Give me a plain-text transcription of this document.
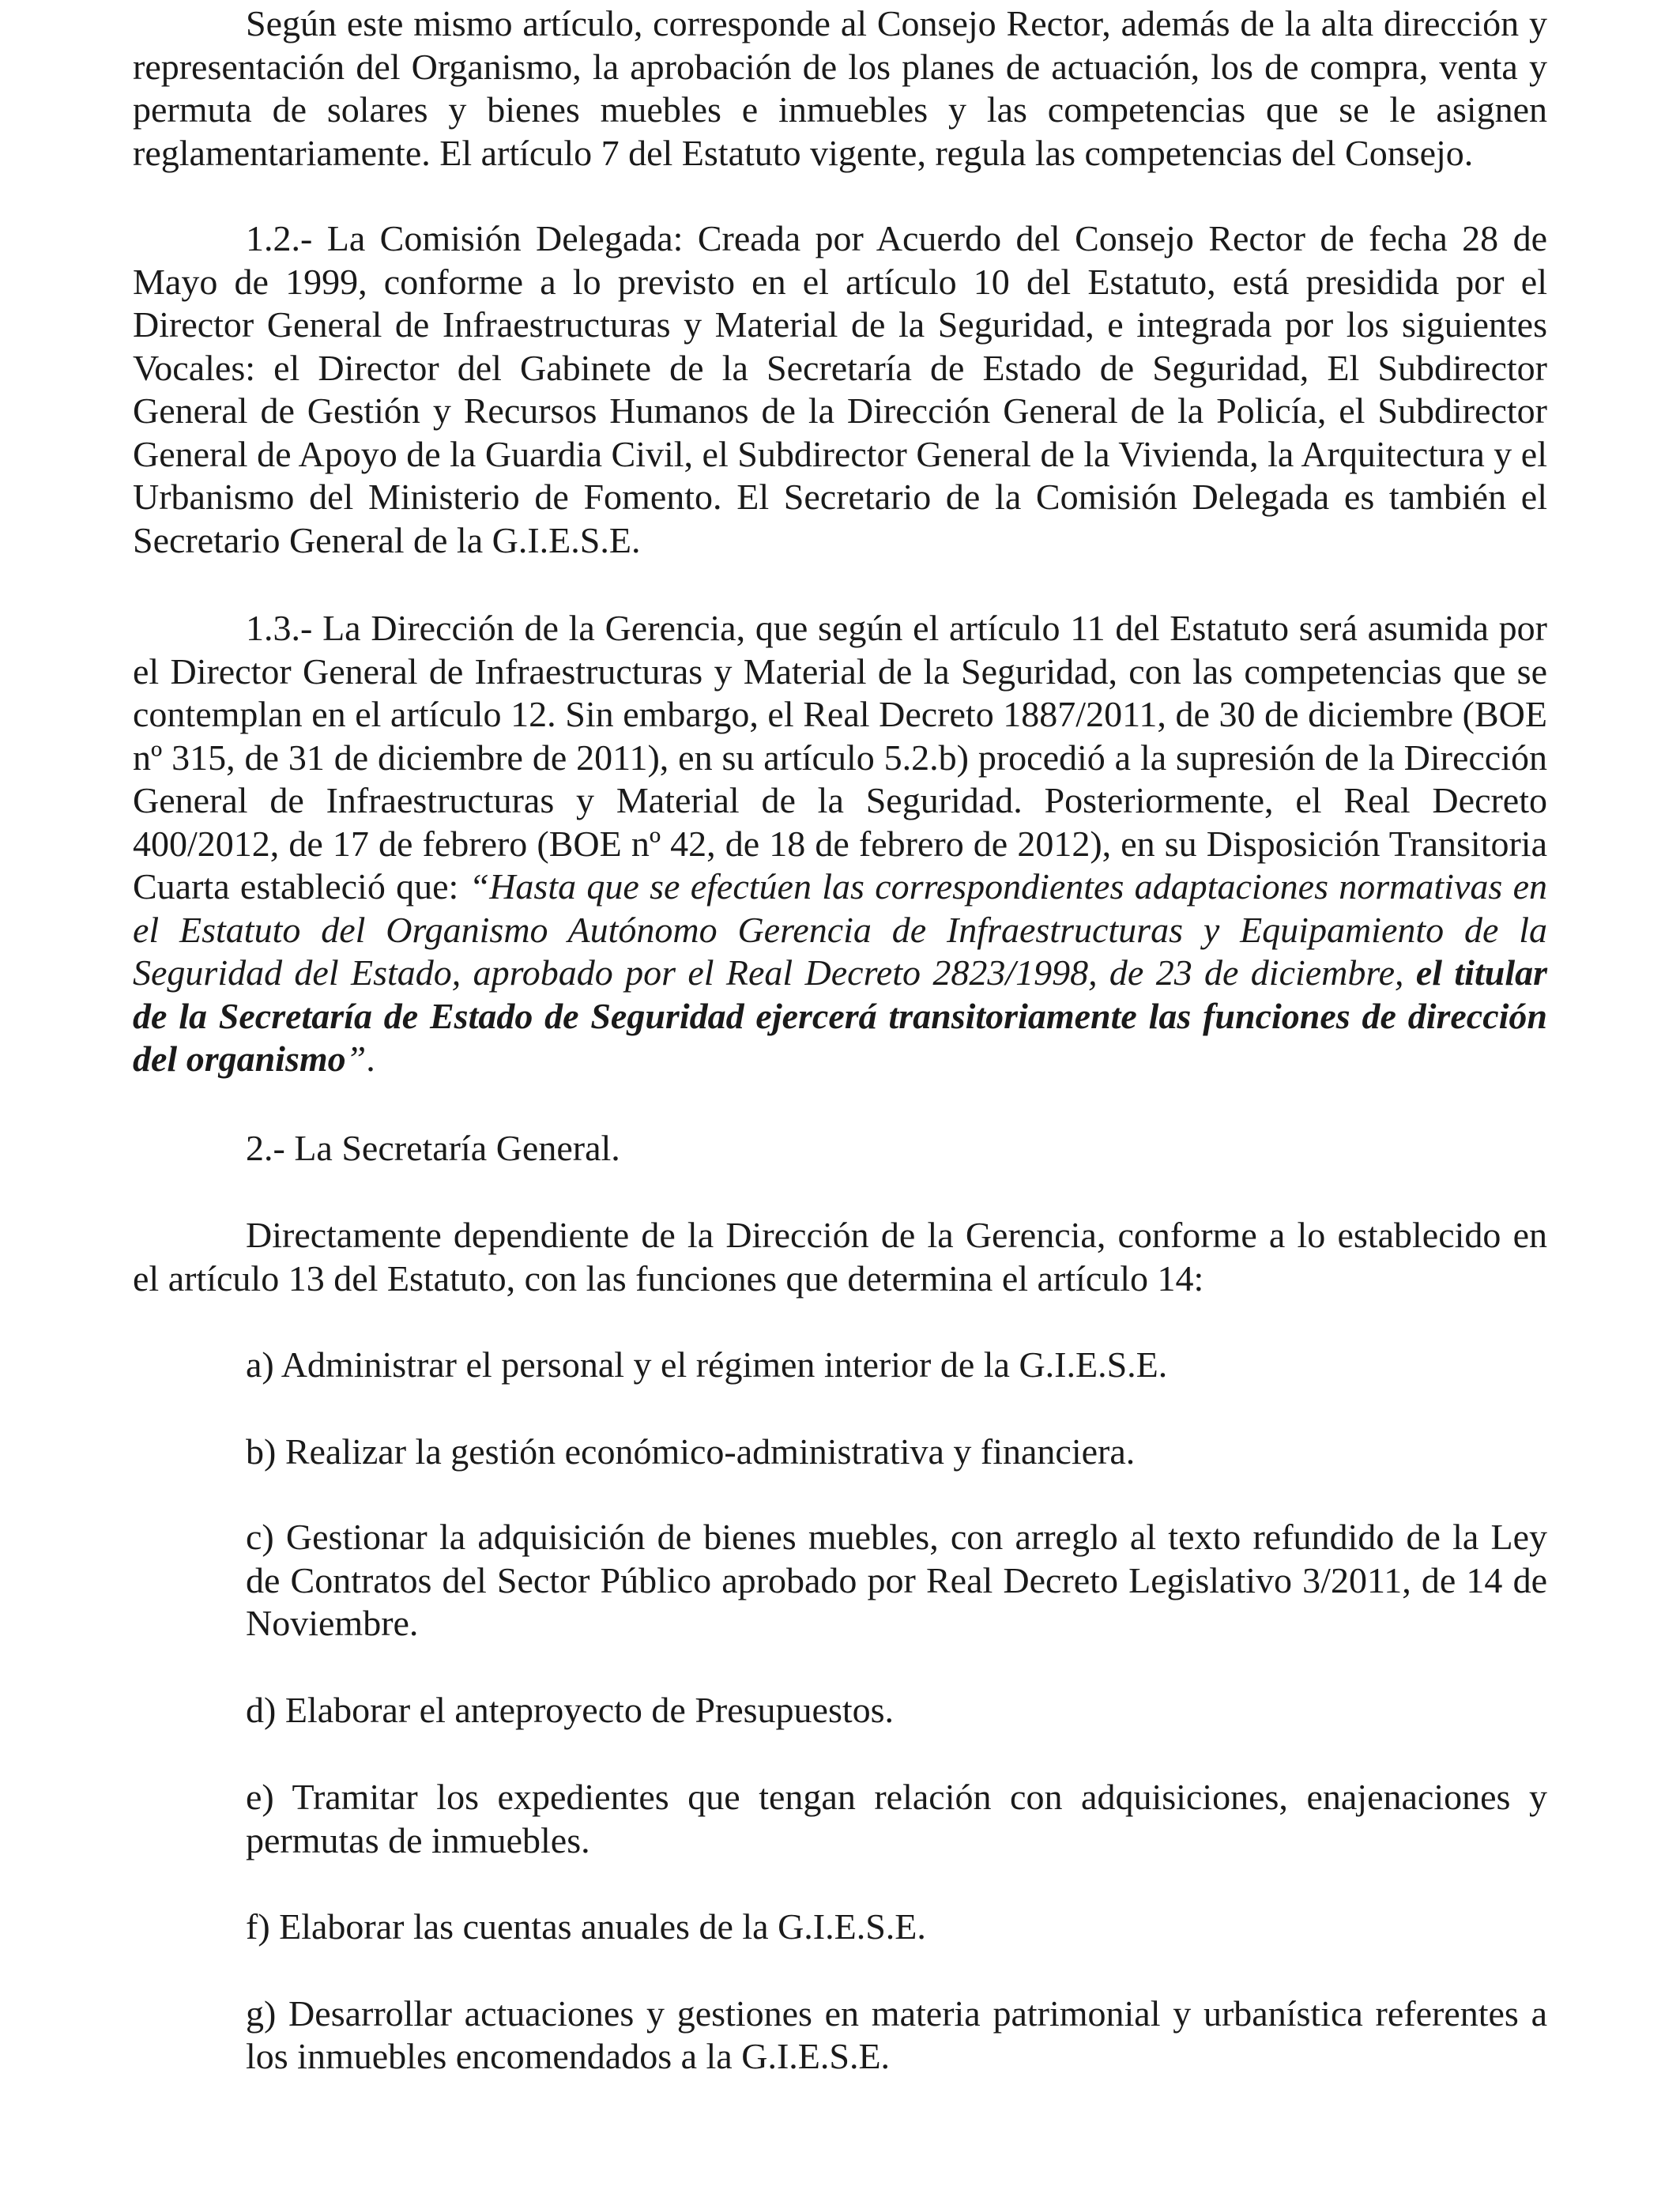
Según este mismo artículo, corresponde al Consejo Rector, además de la alta dirección y representación del Organismo, la aprobación de los planes de actuación, los de compra, venta y permuta de solares y bienes muebles e inmuebles y las competencias que se le asignen reglamentariamente. El artículo 7 del Estatuto vigente, regula las competencias del Consejo.

1.2.- La Comisión Delegada: Creada por Acuerdo del Consejo Rector de fecha 28 de Mayo de 1999, conforme a lo previsto en el artículo 10 del Estatuto, está presidida por el Director General de Infraestructuras y Material de la Seguridad, e integrada por los siguientes Vocales: el Director del Gabinete de la Secretaría de Estado de Seguridad, El Subdirector General de Gestión y Recursos Humanos de la Dirección General de la Policía, el Subdirector General de Apoyo de la Guardia Civil, el Subdirector General de la Vivienda, la Arquitectura y el Urbanismo del Ministerio de Fomento. El Secretario de la Comisión Delegada es también el Secretario General de la G.I.E.S.E.

1.3.- La Dirección de la Gerencia, que según el artículo 11 del Estatuto será asumida por el Director General de Infraestructuras y Material de la Seguridad, con las competencias que se contemplan en el artículo 12. Sin embargo, el Real Decreto 1887/2011, de 30 de diciembre (BOE nº 315, de 31 de diciembre de 2011), en su artículo 5.2.b) procedió a la supresión de la Dirección General de Infraestructuras y Material de la Seguridad. Posteriormente, el Real Decreto 400/2012, de 17 de febrero (BOE nº 42, de 18 de febrero de 2012), en su Disposición Transitoria Cuarta estableció que: “Hasta que se efectúen las correspondientes adaptaciones normativas en el Estatuto del Organismo Autónomo Gerencia de Infraestructuras y Equipamiento de la Seguridad del Estado, aprobado por el Real Decreto 2823/1998, de 23 de diciembre, el titular de la Secretaría de Estado de Seguridad ejercerá transitoriamente las funciones de dirección del organismo”.

2.- La Secretaría General.

Directamente dependiente de la Dirección de la Gerencia, conforme a lo establecido en el artículo 13 del Estatuto, con las funciones que determina el artículo 14:

a) Administrar el personal y el régimen interior de la G.I.E.S.E.

b) Realizar la gestión económico-administrativa y financiera.

c) Gestionar la adquisición de bienes muebles, con arreglo al texto refundido de la Ley de Contratos del Sector Público aprobado por Real Decreto Legislativo 3/2011, de 14 de Noviembre.

d) Elaborar el anteproyecto de Presupuestos.

e) Tramitar los expedientes que tengan relación con adquisiciones, enajenaciones y permutas de inmuebles.

f) Elaborar las cuentas anuales de la G.I.E.S.E.

g) Desarrollar actuaciones y gestiones en materia patrimonial y urbanística referentes a los inmuebles encomendados a la G.I.E.S.E.
